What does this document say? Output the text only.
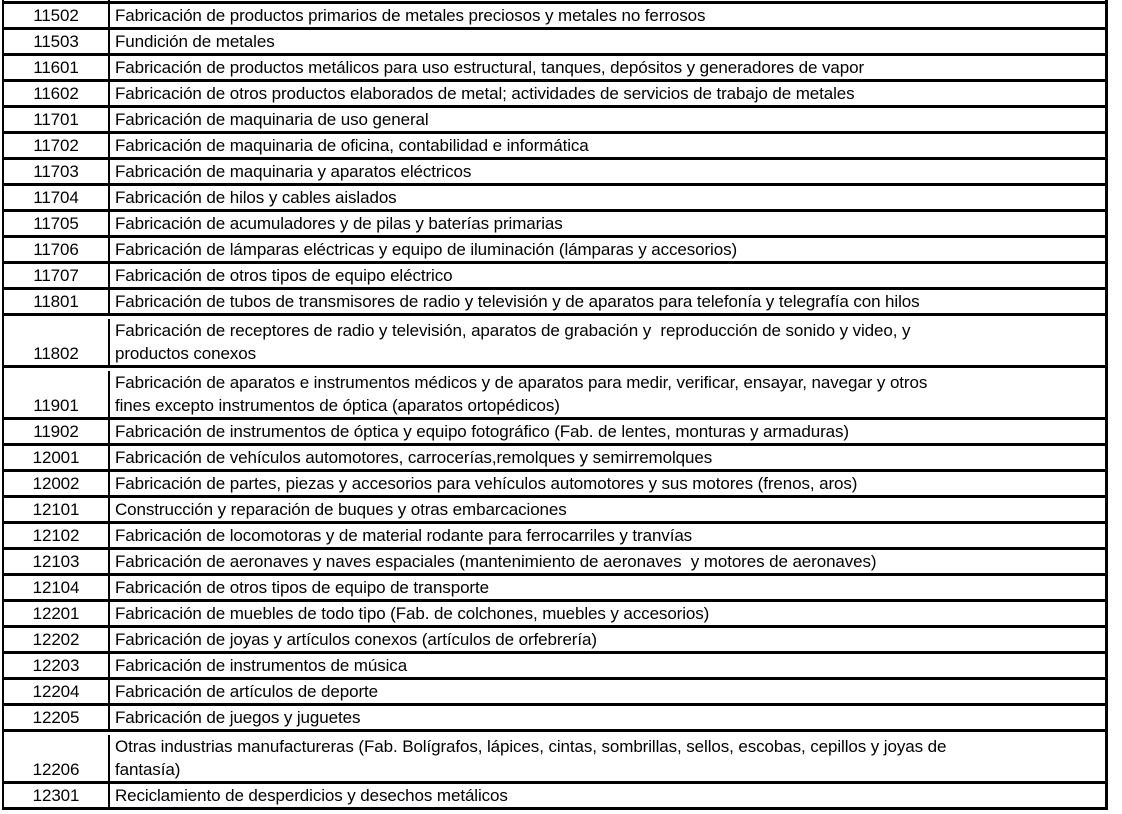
11502 Fabricación de productos primarios de metales preciosos y metales no ferrosos
11503 Fundición de metales
11601 Fabricación de productos metálicos para uso estructural, tanques, depósitos y generadores de vapor
11602 Fabricación de otros productos elaborados de metal; actividades de servicios de trabajo de metales
11701 Fabricación de maquinaria de uso general
11702 Fabricación de maquinaria de oficina, contabilidad e informática
11703 Fabricación de maquinaria y aparatos eléctricos
11704 Fabricación de hilos y cables aislados
11705 Fabricación de acumuladores y de pilas y baterías primarias
11706 Fabricación de lámparas eléctricas y equipo de iluminación (lámparas y accesorios)
11707 Fabricación de otros tipos de equipo eléctrico
11801 Fabricación de tubos de transmisores de radio y televisión y de aparatos para telefonía y telegrafía con hilos
11802
Fabricación de receptores de radio y televisión, aparatos de grabación y  reproducción de sonido y video, y
productos conexos
11901
Fabricación de aparatos e instrumentos médicos y de aparatos para medir, verificar, ensayar, navegar y otros
fines excepto instrumentos de óptica (aparatos ortopédicos)
11902 Fabricación de instrumentos de óptica y equipo fotográfico (Fab. de lentes, monturas y armaduras)
12001 Fabricación de vehículos automotores, carrocerías,remolques y semirremolques
12002 Fabricación de partes, piezas y accesorios para vehículos automotores y sus motores (frenos, aros)
12101 Construcción y reparación de buques y otras embarcaciones
12102 Fabricación de locomotoras y de material rodante para ferrocarriles y tranvías
12103 Fabricación de aeronaves y naves espaciales (mantenimiento de aeronaves  y motores de aeronaves)
12104 Fabricación de otros tipos de equipo de transporte
12201 Fabricación de muebles de todo tipo (Fab. de colchones, muebles y accesorios)
12202 Fabricación de joyas y artículos conexos (artículos de orfebrería)
12203 Fabricación de instrumentos de música
12204 Fabricación de artículos de deporte
12205 Fabricación de juegos y juguetes
12206
Otras industrias manufactureras (Fab. Bolígrafos, lápices, cintas, sombrillas, sellos, escobas, cepillos y joyas de
fantasía)
12301 Reciclamiento de desperdicios y desechos metálicos
